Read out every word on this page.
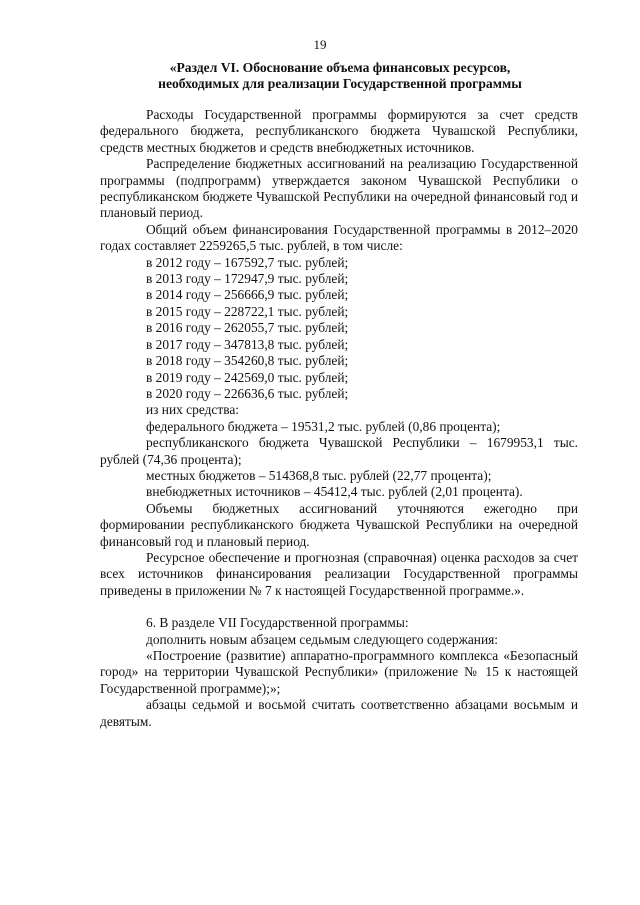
19
«Раздел VI. Обоснование объема финансовых ресурсов,
необходимых для реализации Государственной программы

Расходы Государственной программы формируются за счет средств федерального бюджета, республиканского бюджета Чувашской Республики, средств местных бюджетов и средств внебюджетных источников.

Распределение бюджетных ассигнований на реализацию Государственной программы (подпрограмм) утверждается законом Чувашской Республики о республиканском бюджете Чувашской Республики на очередной финансовый год и плановый период.

Общий объем финансирования Государственной программы в 2012–2020 годах составляет 2259265,5 тыс. рублей, в том числе:

в 2012 году – 167592,7 тыс. рублей;
в 2013 году – 172947,9 тыс. рублей;
в 2014 году – 256666,9 тыс. рублей;
в 2015 году – 228722,1 тыс. рублей;
в 2016 году – 262055,7 тыс. рублей;
в 2017 году – 347813,8 тыс. рублей;
в 2018 году – 354260,8 тыс. рублей;
в 2019 году – 242569,0 тыс. рублей;
в 2020 году – 226636,6 тыс. рублей;
из них средства:

федерального бюджета – 19531,2 тыс. рублей (0,86 процента);

республиканского бюджета Чувашской Республики – 1679953,1 тыс. рублей (74,36 процента);

местных бюджетов – 514368,8 тыс. рублей (22,77 процента);

внебюджетных источников – 45412,4 тыс. рублей (2,01 процента).

Объемы бюджетных ассигнований уточняются ежегодно при формировании республиканского бюджета Чувашской Республики на очередной финансовый год и плановый период.

Ресурсное обеспечение и прогнозная (справочная) оценка расходов за счет всех источников финансирования реализации Государственной программы приведены в приложении № 7 к настоящей Государственной программе.».

6. В разделе VII Государственной программы:

дополнить новым абзацем седьмым следующего содержания:

«Построение (развитие) аппаратно-программного комплекса «Безопасный город» на территории Чувашской Республики» (приложение № 15 к настоящей Государственной программе);»;

абзацы седьмой и восьмой считать соответственно абзацами восьмым и девятым.
